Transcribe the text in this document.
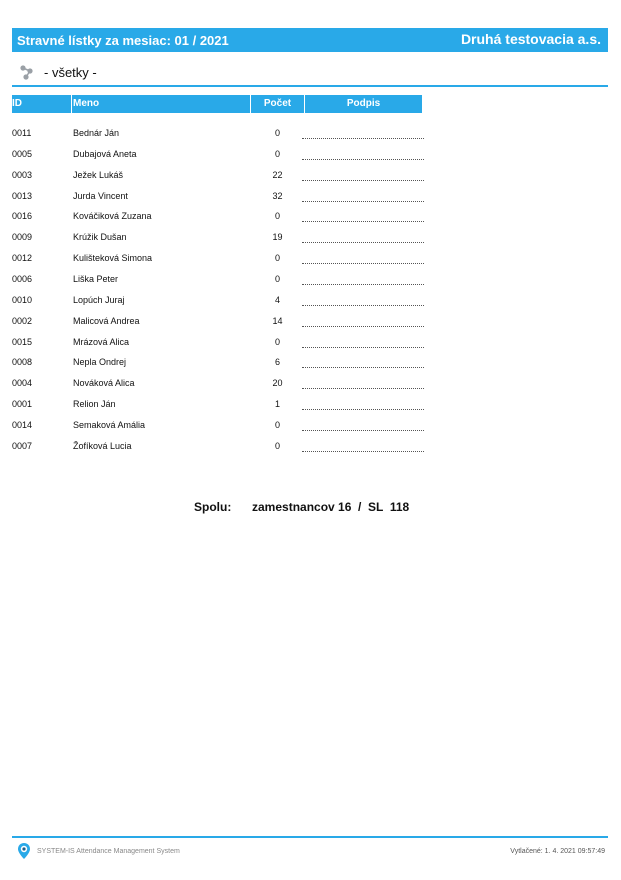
Stravné lístky za mesiac: 01 / 2021	Druhá testovacia a.s.
- všetky -
ID	Meno	Počet	Podpis
0011	Bednár Ján	0
0005	Dubajová Aneta	0
0003	Ježek Lukáš	22
0013	Jurda Vincent	32
0016	Kováčiková Zuzana	0
0009	Krúžik Dušan	19
0012	Kulišteková Simona	0
0006	Liška Peter	0
0010	Lopúch Juraj	4
0002	Malicová Andrea	14
0015	Mrázová Alica	0
0008	Nepla Ondrej	6
0004	Nováková Alica	20
0001	Relion Ján	1
0014	Semaková Amália	0
0007	Žofíková Lucia	0
Spolu: zamestnancov 16  /  SL  118
SYSTEM-IS Attendance Management System	Vytlačené: 1. 4. 2021 09:57:49
